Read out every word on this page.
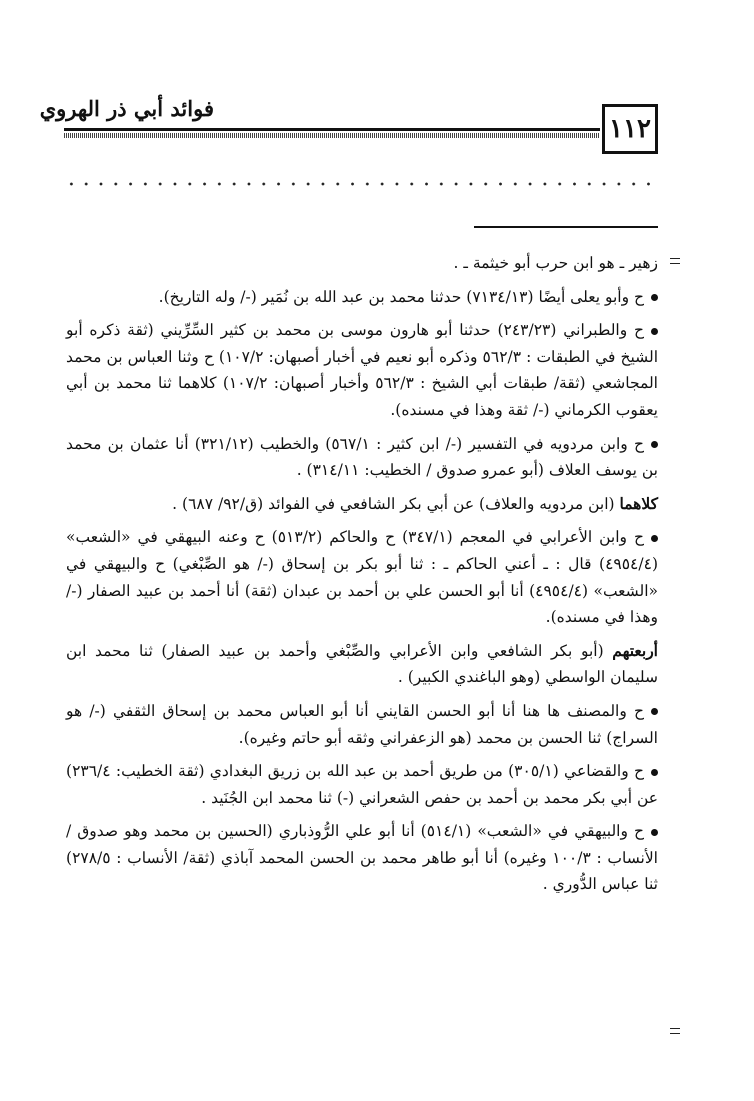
فوائد أبي ذر الهروي
١١٢

زهير ـ هو ابن حرب أبو خيثمة ـ .

ح وأبو يعلى أيضًا (٧١٣٤/١٣) حدثنا محمد بن عبد الله بن نُمَير (-/ وله التاريخ).

ح والطبراني (٢٤٣/٢٣) حدثنا أبو هارون موسى بن محمد بن كثير السِّرِّيني (ثقة ذكره أبو الشيخ في الطبقات : ٥٦٢/٣ وذكره أبو نعيم في أخبار أصبهان: ١٠٧/٢) ح وثنا العباس بن محمد المجاشعي (ثقة/ طبقات أبي الشيخ : ٥٦٢/٣ وأخبار أصبهان: ١٠٧/٢) كلاهما ثنا محمد بن أبي يعقوب الكرماني (-/ ثقة وهذا في مسنده).

ح وابن مردويه في التفسير (-/ ابن كثير : ٥٦٧/١) والخطيب (٣٢١/١٢) أنا عثمان بن محمد بن يوسف العلاف (أبو عمرو صدوق / الخطيب: ٣١٤/١١) .

كلاهما (ابن مردويه والعلاف) عن أبي بكر الشافعي في الفوائد (ق/٩٢/ ٦٨٧) .

ح وابن الأعرابي في المعجم (٣٤٧/١) ح والحاكم (٥١٣/٢) ح وعنه البيهقي في «الشعب» (٤٩٥٤/٤) قال : ـ أعني الحاكم ـ : ثنا أبو بكر بن إسحاق (-/ هو الصِّبْغي) ح والبيهقي في «الشعب» (٤٩٥٤/٤) أنا أبو الحسن علي بن أحمد بن عبدان (ثقة) أنا أحمد بن عبيد الصفار (-/ وهذا في مسنده).

أربعتهم (أبو بكر الشافعي وابن الأعرابي والصِّبْغي وأحمد بن عبيد الصفار) ثنا محمد ابن سليمان الواسطي (وهو الباغندي الكبير) .

ح والمصنف ها هنا أنا أبو الحسن القايني أنا أبو العباس محمد بن إسحاق الثقفي (-/ هو السراج) ثنا الحسن بن محمد (هو الزعفراني وثقه أبو حاتم وغيره).

ح والقضاعي (٣٠٥/١) من طريق أحمد بن عبد الله بن زريق البغدادي (ثقة الخطيب: ٢٣٦/٤) عن أبي بكر محمد بن أحمد بن حفص الشعراني (-) ثنا محمد ابن الجُنَيد .

ح والبيهقي في «الشعب» (٥١٤/١) أنا أبو علي الرُّوذباري (الحسين بن محمد وهو صدوق / الأنساب : ١٠٠/٣ وغيره) أنا أبو طاهر محمد بن الحسن المحمد آباذي (ثقة/ الأنساب : ٢٧٨/٥) ثنا عباس الدُّوري .
